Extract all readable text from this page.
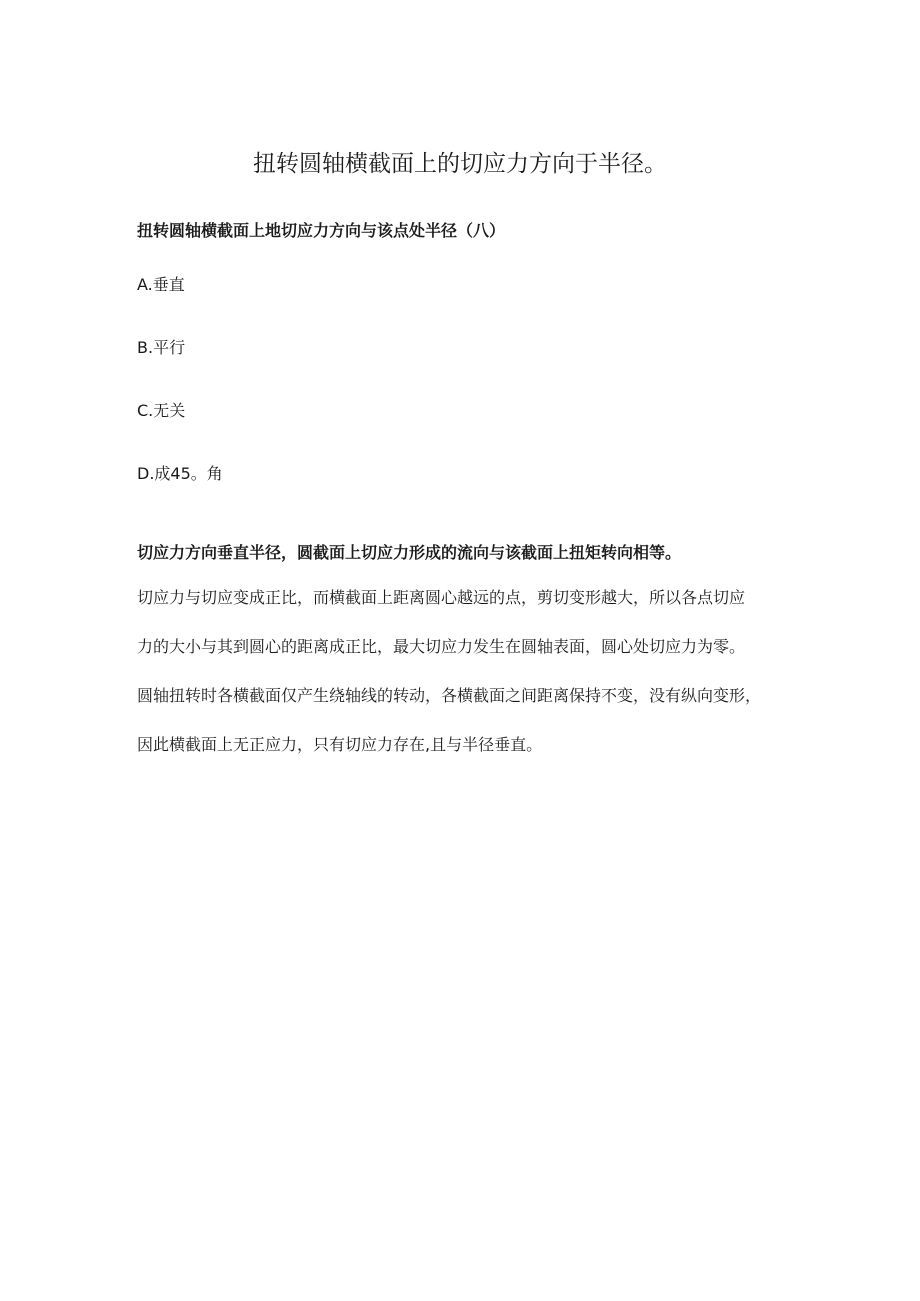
扭转圆轴横截面上的切应力方向于半径。

扭转圆轴横截面上地切应力方向与该点处半径（八）

A.垂直

B.平行

C.无关

D.成45。角

切应力方向垂直半径，圆截面上切应力形成的流向与该截面上扭矩转向相等。

切应力与切应变成正比，而横截面上距离圆心越远的点，剪切变形越大，所以各点切应
力的大小与其到圆心的距离成正比，最大切应力发生在圆轴表面，圆心处切应力为零。
圆轴扭转时各横截面仅产生绕轴线的转动，各横截面之间距离保持不变，没有纵向变形，
因此横截面上无正应力，只有切应力存在,且与半径垂直。
